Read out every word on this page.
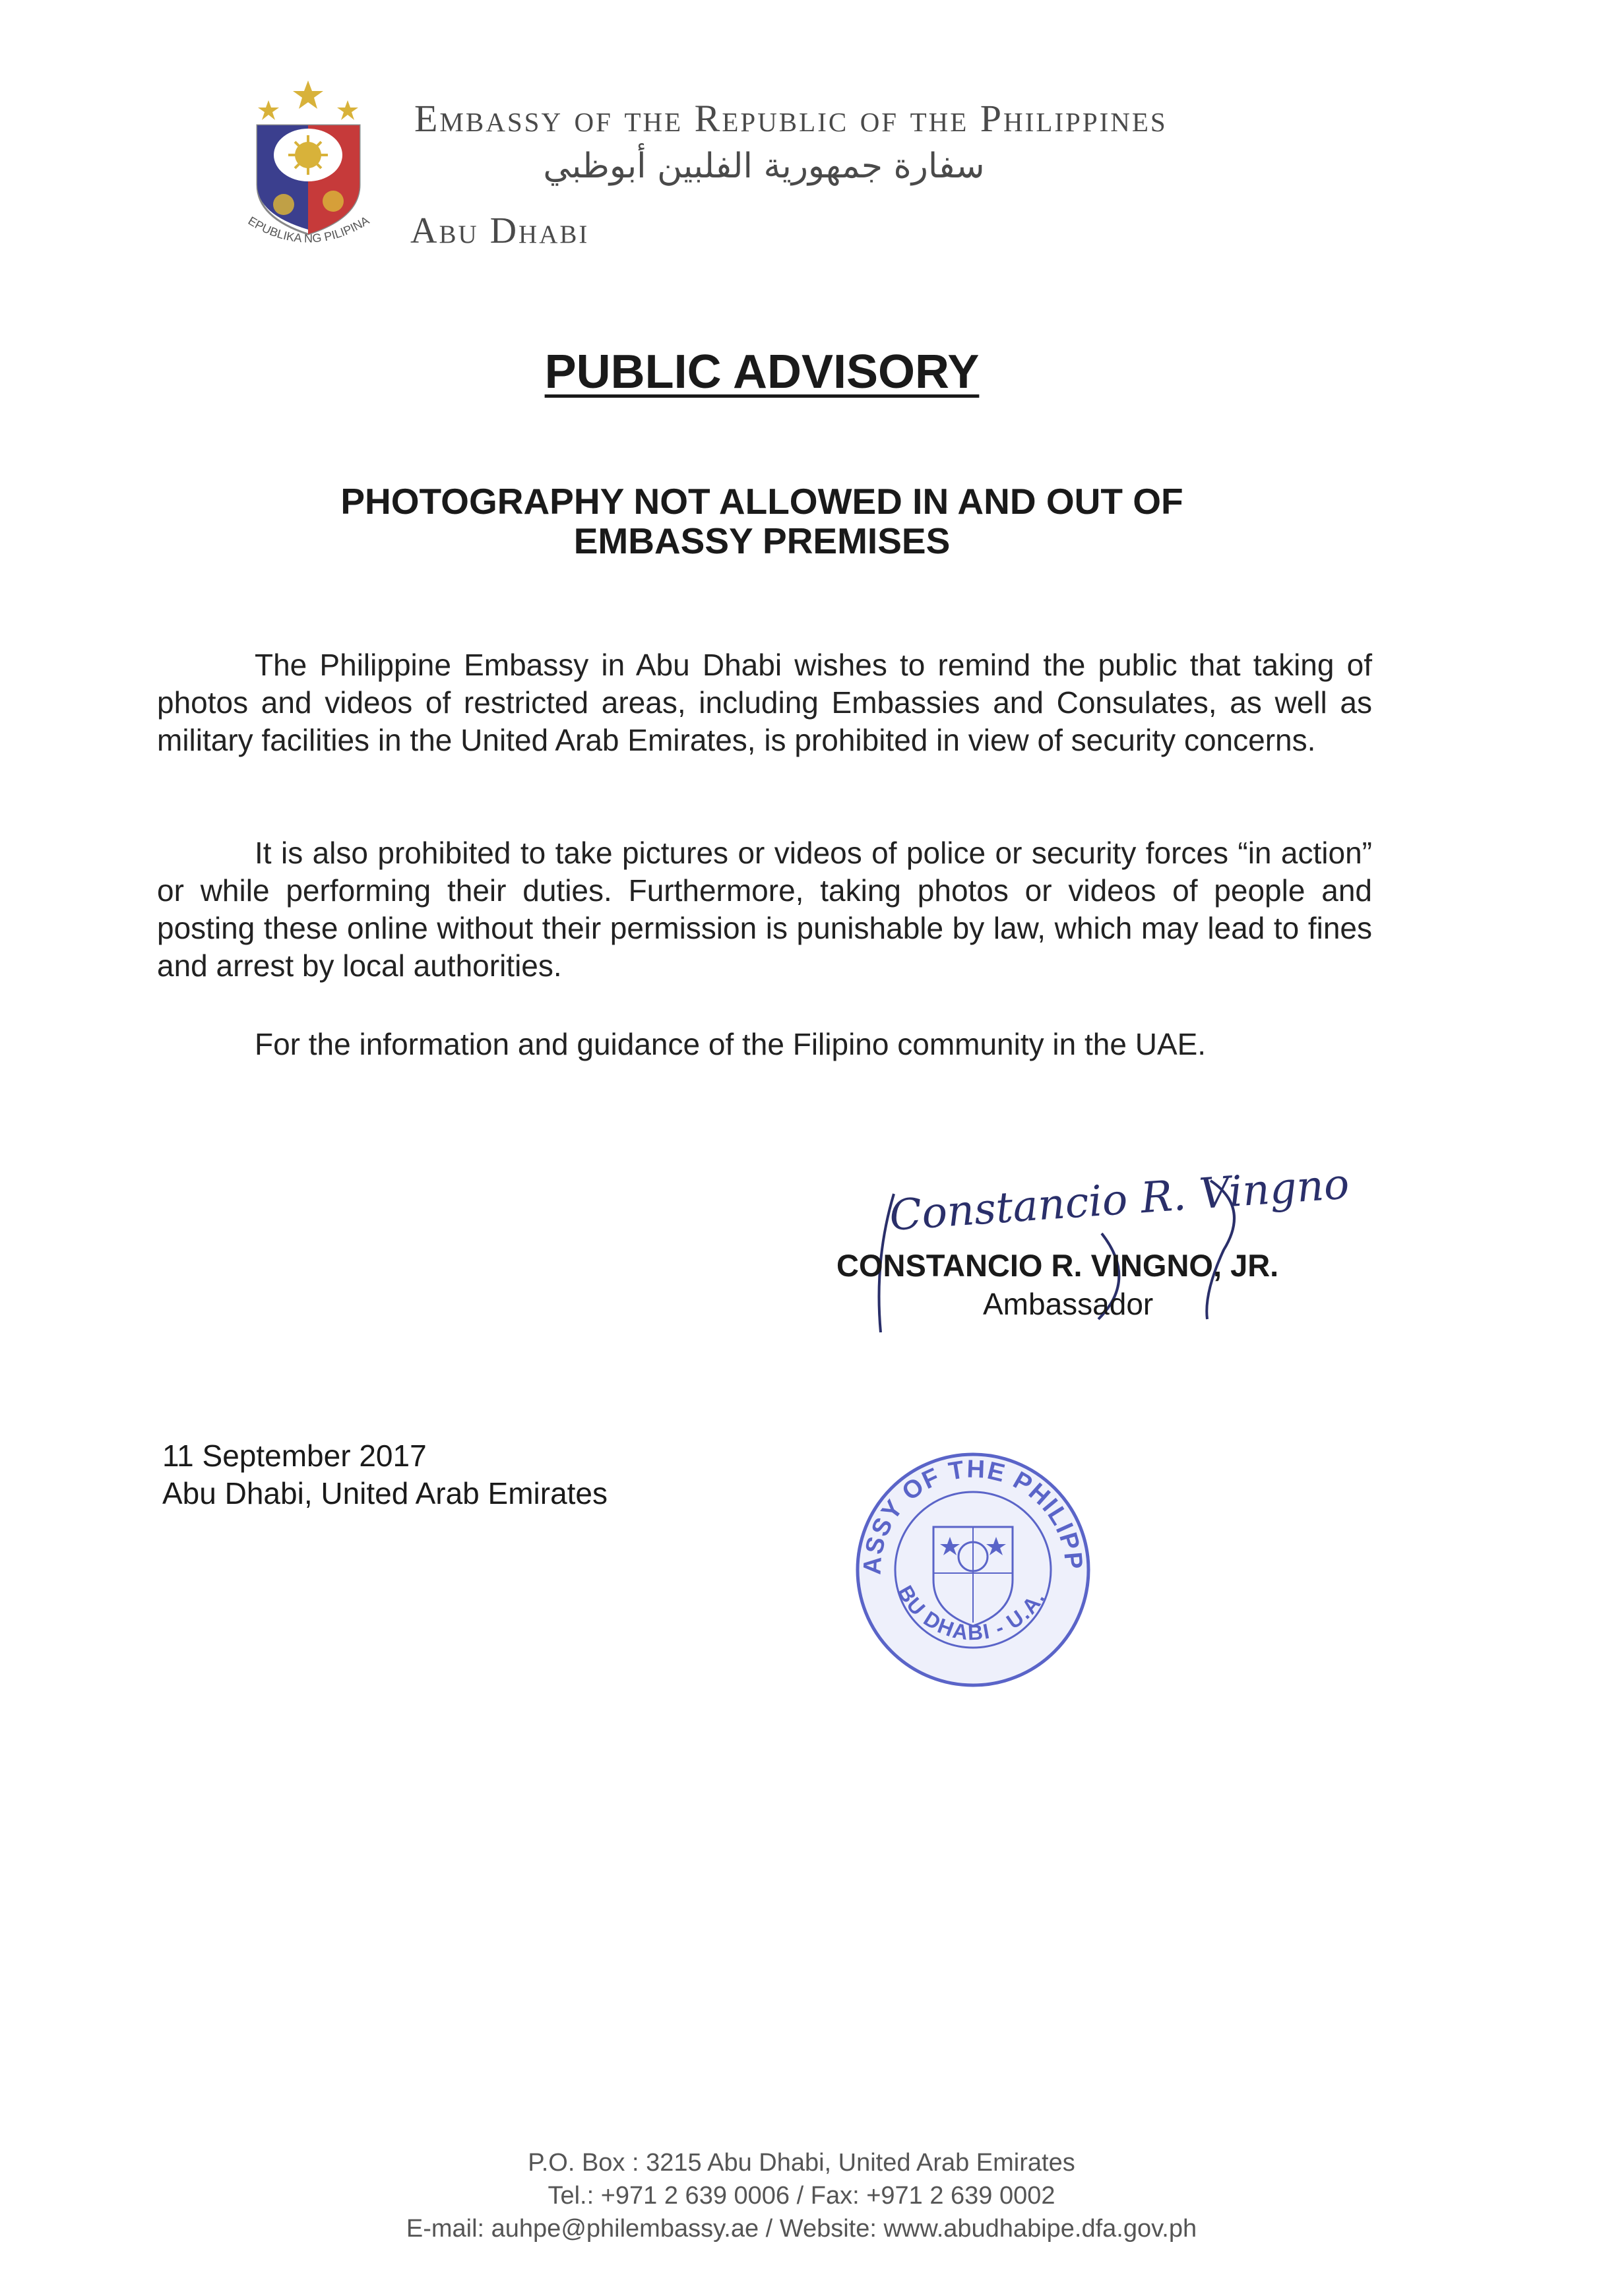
EPUBLIKA NG PILIPINA
Embassy of the Republic of the Philippines
سفارة جمهورية الفلبين أبوظبي
Abu Dhabi
PUBLIC ADVISORY
PHOTOGRAPHY NOT ALLOWED IN AND OUT OF
EMBASSY PREMISES
The Philippine Embassy in Abu Dhabi wishes to remind the public that taking of photos and videos of restricted areas, including Embassies and Consulates, as well as military facilities in the United Arab Emirates, is prohibited in view of security concerns.
It is also prohibited to take pictures or videos of police or security forces “in action” or while performing their duties. Furthermore, taking photos or videos of people and posting these online without their permission is punishable by law, which may lead to fines and arrest by local authorities.
For the information and guidance of the Filipino community in the UAE.
Constancio R. Vingno
CONSTANCIO R. VINGNO, JR.
Ambassador
11 September 2017
Abu Dhabi, United Arab Emirates
ASSY OF THE PHILIPP
BU DHABI - U.A.
P.O. Box : 3215 Abu Dhabi, United Arab Emirates
Tel.: +971 2 639 0006 / Fax: +971 2 639 0002
E-mail: auhpe@philembassy.ae / Website: www.abudhabipe.dfa.gov.ph
